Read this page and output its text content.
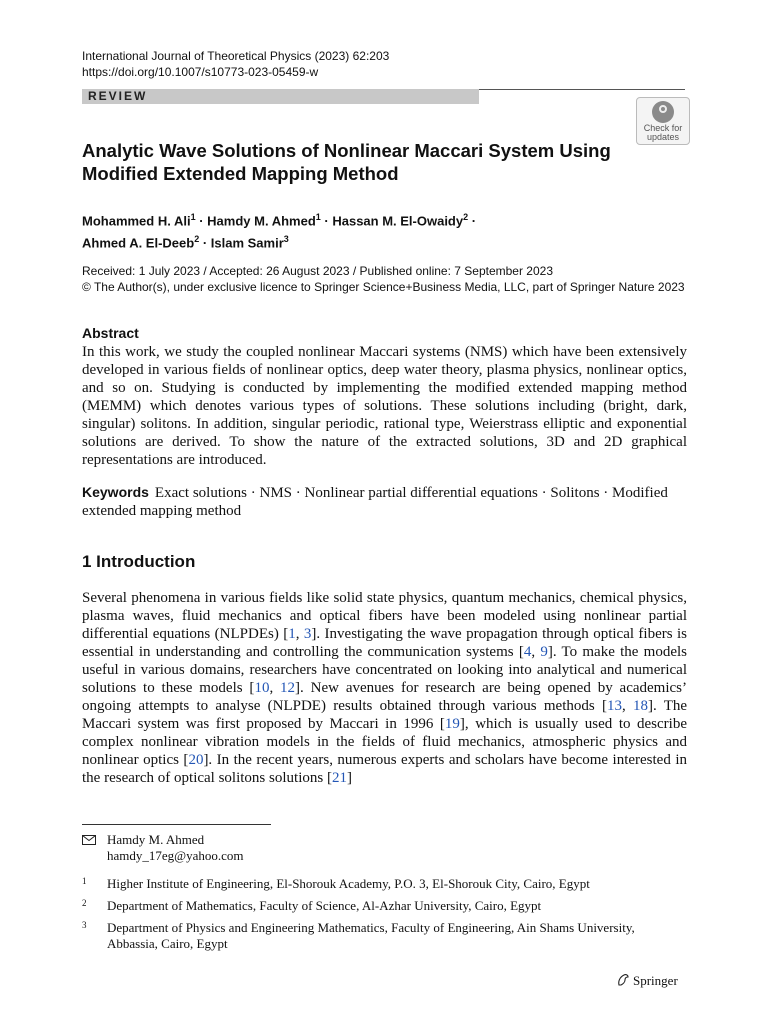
International Journal of Theoretical Physics (2023) 62:203
https://doi.org/10.1007/s10773-023-05459-w
REVIEW
Check for
updates
Analytic Wave Solutions of Nonlinear Maccari System Using
Modified Extended Mapping Method
Mohammed H. Ali$^1$ · Hamdy M. Ahmed$^1$ · Hassan M. El-Owaidy$^2$ ·
Ahmed A. El-Deeb$^2$ · Islam Samir$^3$
Received: 1 July 2023 / Accepted: 26 August 2023 / Published online: 7 September 2023
© The Author(s), under exclusive licence to Springer Science+Business Media, LLC, part of Springer Nature 2023
Abstract
In this work, we study the coupled nonlinear Maccari systems (NMS) which have been extensively developed in various fields of nonlinear optics, deep water theory, plasma physics, nonlinear optics, and so on. Studying is conducted by implementing the modified extended mapping method (MEMM) which denotes various types of solutions. These solutions including (bright, dark, singular) solitons. In addition, singular periodic, rational type, Weierstrass elliptic and exponential solutions are derived. To show the nature of the extracted solutions, 3D and 2D graphical representations are introduced.
Keywords Exact solutions · NMS · Nonlinear partial differential equations · Solitons · Modified extended mapping method
1 Introduction
Several phenomena in various fields like solid state physics, quantum mechanics, chemical physics, plasma waves, fluid mechanics and optical fibers have been modeled using nonlinear partial differential equations (NLPDEs) [1, 3]. Investigating the wave propagation through optical fibers is essential in understanding and controlling the communication systems [4, 9]. To make the models useful in various domains, researchers have concentrated on looking into analytical and numerical solutions to these models [10, 12]. New avenues for research are being opened by academics’ ongoing attempts to analyse (NLPDE) results obtained through various methods [13, 18]. The Maccari system was first proposed by Maccari in 1996 [19], which is usually used to describe complex nonlinear vibration models in the fields of fluid mechanics, atmospheric physics and nonlinear optics [20]. In the recent years, numerous experts and scholars have become interested in the research of optical solitons solutions [21]
Hamdy M. Ahmed
hamdy_17eg@yahoo.com
1 Higher Institute of Engineering, El-Shorouk Academy, P.O. 3, El-Shorouk City, Cairo, Egypt
2 Department of Mathematics, Faculty of Science, Al-Azhar University, Cairo, Egypt
3 Department of Physics and Engineering Mathematics, Faculty of Engineering, Ain Shams University, Abbassia, Cairo, Egypt
Springer
